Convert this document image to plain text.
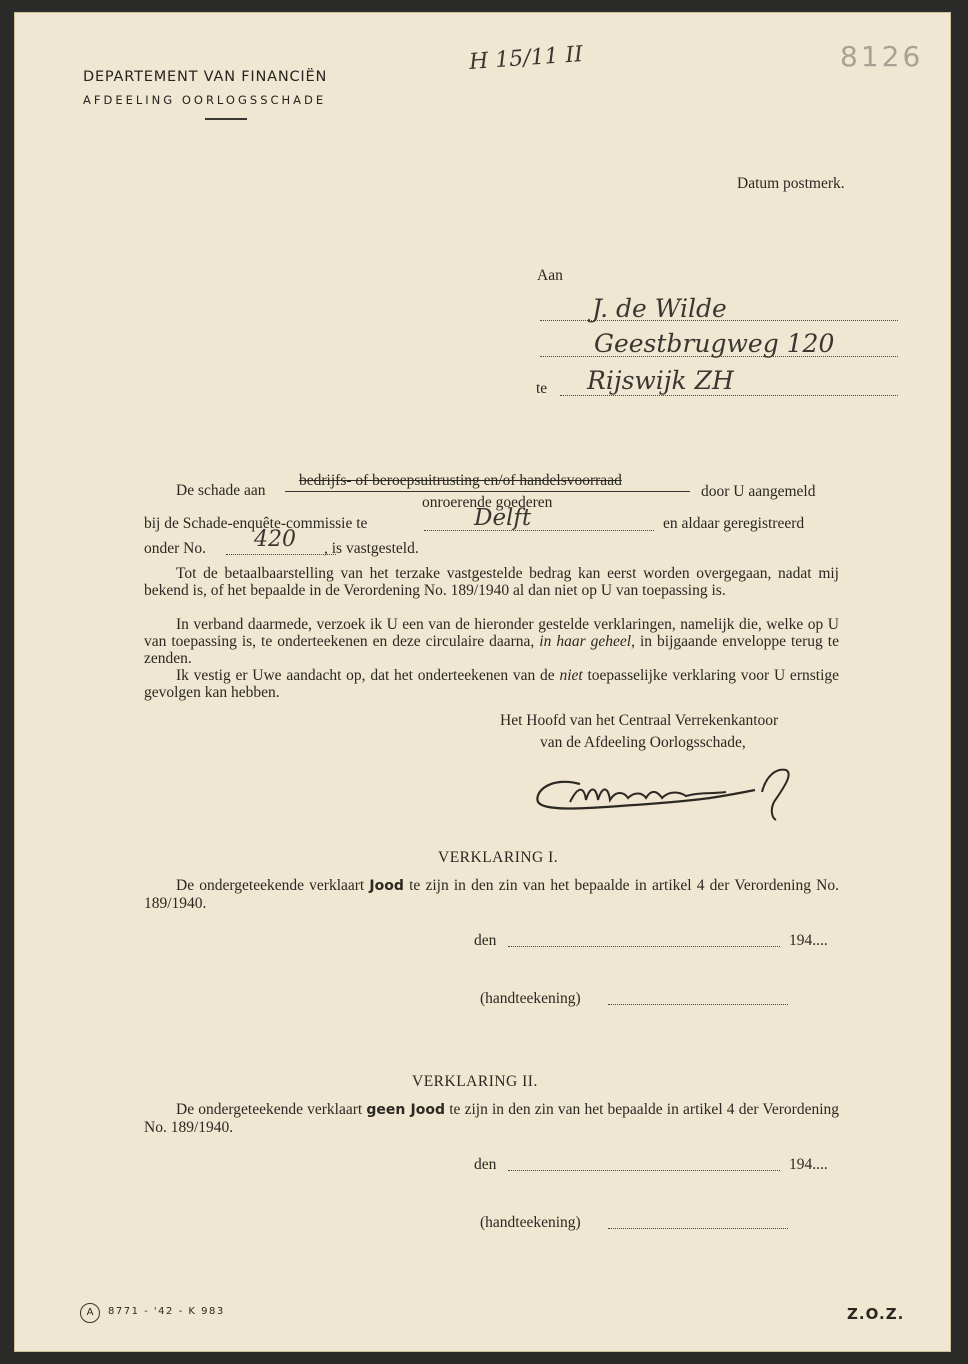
DEPARTEMENT VAN FINANCIËN
AFDEELING OORLOGSSCHADE
H 15/11 II	8126
Datum postmerk.
Aan
J. de Wilde
Geestbrugweg 120
te Rijswijk ZH
De schade aan
bedrijfs- of beroepsuitrusting en/of handelsvoorraad
onroerende goederen
door U aangemeld
bij de Schade-enquête-commissie te	Delft	en aldaar geregistreerd
onder No. 420 , is vastgesteld.
Tot de betaalbaarstelling van het terzake vastgestelde bedrag kan eerst worden overgegaan, nadat mij bekend is, of het bepaalde in de Verordening No. 189/1940 al dan niet op U van toepassing is.
In verband daarmede, verzoek ik U een van de hieronder gestelde verklaringen, namelijk die, welke op U van toepassing is, te onderteekenen en deze circulaire daarna, in haar geheel, in bijgaande enveloppe terug te zenden.
Ik vestig er Uwe aandacht op, dat het onderteekenen van de niet toepasselijke verklaring voor U ernstige gevolgen kan hebben.
Het Hoofd van het Centraal Verrekenkantoor
van de Afdeeling Oorlogsschade,
VERKLARING I.
De ondergeteekende verklaart Jood te zijn in den zin van het bepaalde in artikel 4 der Verordening No. 189/1940.
den	194....
(handteekening)
VERKLARING II.
De ondergeteekende verklaart geen Jood te zijn in den zin van het bepaalde in artikel 4 der Verordening No. 189/1940.
den	194....
(handteekening)
A	8771 - '42 - K 983	Z.O.Z.
